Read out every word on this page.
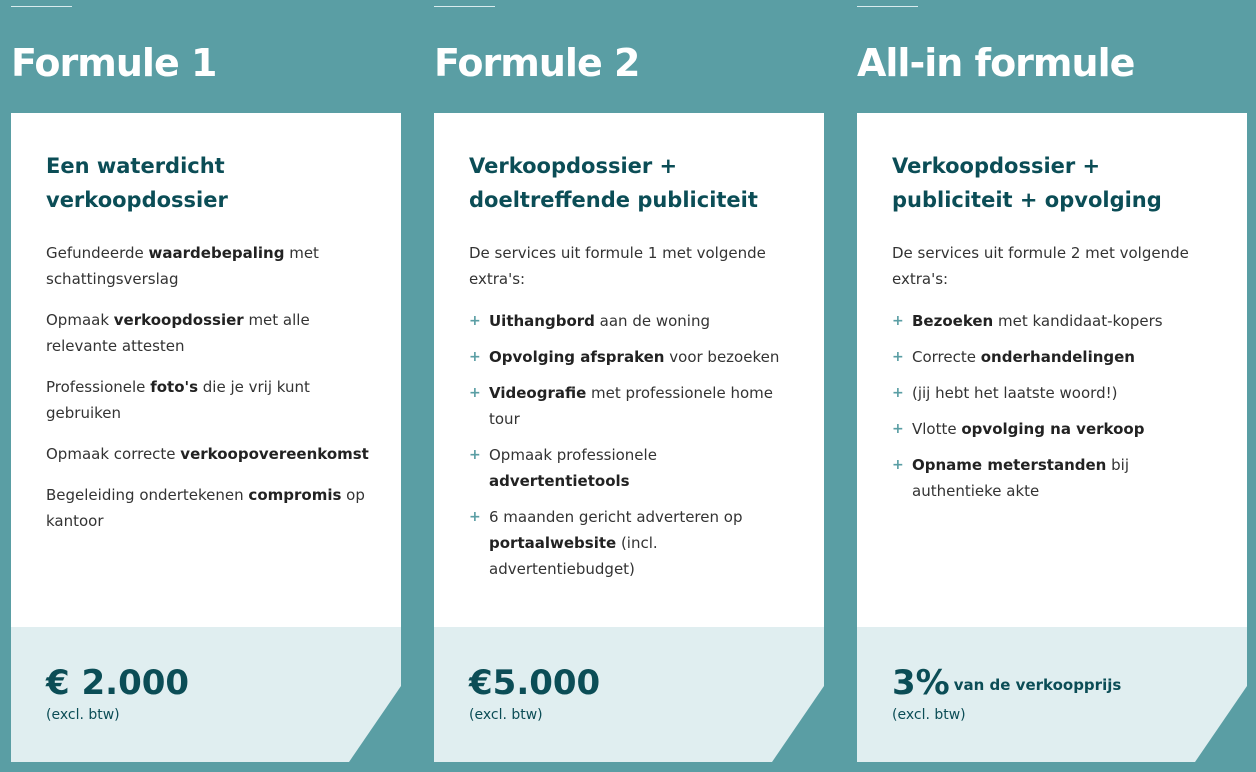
Formule 1
Een waterdicht verkoopdossier
Gefundeerde waardebepaling met schattingsverslag
Opmaak verkoopdossier met alle relevante attesten
Professionele foto's die je vrij kunt gebruiken
Opmaak correcte verkoopovereenkomst
Begeleiding ondertekenen compromis op kantoor

€ 2.000

(excl. btw)

Formule 2
Verkoopdossier + doeltreffende publiciteit

De services uit formule 1 met volgende extra's:

+ Uithangbord aan de woning
+ Opvolging afspraken voor bezoeken
+ Videografie met professionele home tour
+ Opmaak professionele advertentietools
+ 6 maanden gericht adverteren op portaalwebsite (incl. advertentiebudget)

€5.000

(excl. btw)

All-in formule
Verkoopdossier + publiciteit + opvolging

De services uit formule 2 met volgende extra's:

+ Bezoeken met kandidaat-kopers
+ Correcte onderhandelingen
+ (jij hebt het laatste woord!)
+ Vlotte opvolging na verkoop
+ Opname meterstanden bij authentieke akte

3% van de verkoopprijs

(excl. btw)
